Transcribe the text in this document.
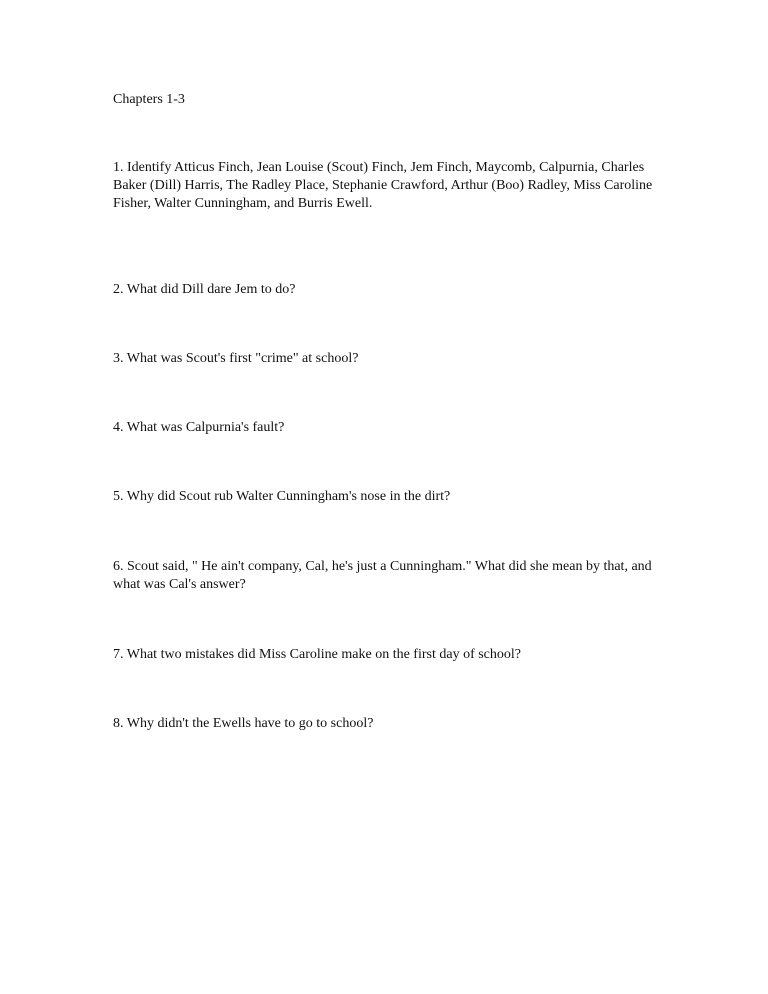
Chapters 1-3

1. Identify Atticus Finch, Jean Louise (Scout) Finch, Jem Finch, Maycomb, Calpurnia, Charles Baker (Dill) Harris, The Radley Place, Stephanie Crawford, Arthur (Boo) Radley, Miss Caroline Fisher, Walter Cunningham, and Burris Ewell.

2. What did Dill dare Jem to do?

3. What was Scout's first "crime" at school?

4. What was Calpurnia's fault?

5. Why did Scout rub Walter Cunningham's nose in the dirt?

6. Scout said, " He ain't company, Cal, he's just a Cunningham." What did she mean by that, and what was Cal's answer?

7. What two mistakes did Miss Caroline make on the first day of school?

8. Why didn't the Ewells have to go to school?
